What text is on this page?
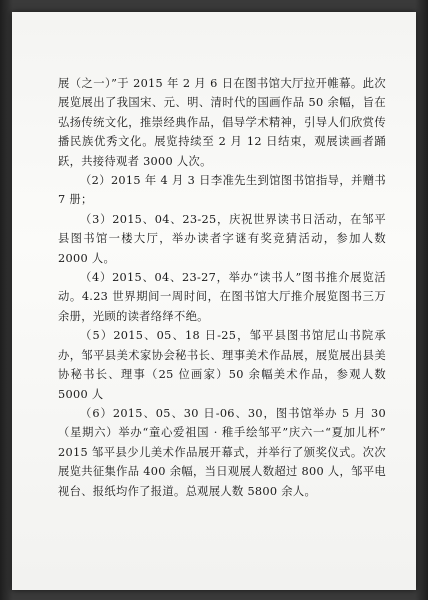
展（之一）”于 2015 年 2 月 6 日在图书馆大厅拉开帷幕。此次展览展出了我国宋、元、明、清时代的国画作品 50 余幅，旨在弘扬传统文化，推崇经典作品，倡导学术精神，引导人们欣赏传播民族优秀文化。展览持续至 2 月 12 日结束，观展读画者踊跃，共接待观者 3000 人次。

（2）2015 年 4 月 3 日李准先生到馆图书馆指导，并赠书 7 册；

（3）2015、04、23-25，庆祝世界读书日活动，在邹平县图书馆一楼大厅，举办读者字谜有奖竞猜活动，参加人数 2000 人。

（4）2015、04、23-27，举办“读书人”图书推介展览活动。4.23 世界期间一周时间，在图书馆大厅推介展览图书三万余册，光顾的读者络绎不绝。

（5）2015、05、18 日-25，邹平县图书馆尼山书院承办，邹平县美术家协会秘书长、理事美术作品展，展览展出县美协秘书长、理事（25 位画家）50 余幅美术作品，参观人数 5000 人

（6）2015、05、30 日-06、30，图书馆举办 5 月 30 （星期六）举办“童心爱祖国 · 稚手绘邹平”庆六一“夏加儿杯” 2015 邹平县少儿美术作品展开幕式，并举行了颁奖仪式。次次展览共征集作品 400 余幅，当日观展人数超过 800 人，邹平电视台、报纸均作了报道。总观展人数 5800 余人。
